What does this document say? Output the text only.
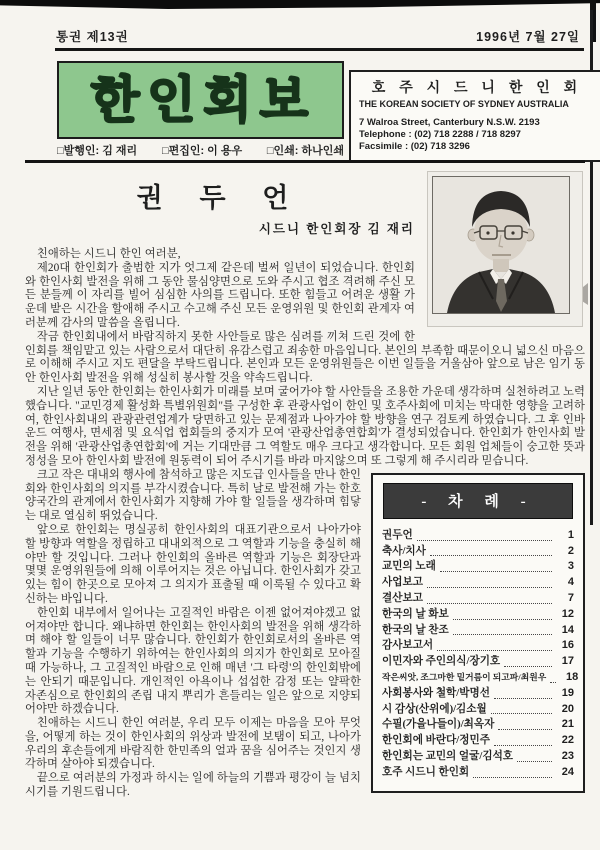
통권 제13권	1996년 7월 27일
한인회보
□발행인: 김 재리 □편집인: 이 용우 □인쇄: 하나인쇄
호 주 시 드 니 한 인 회
THE KOREAN SOCIETY OF SYDNEY AUSTRALIA
7 Walroa Street, Canterbury N.S.W. 2193
Telephone : (02) 718 2288 / 718 8297
Facsimile : (02) 718 3296
권 두 언
시드니 한인회장 김 재리

친애하는 시드니 한인 여러분,

제20대 한인회가 출범한 지가 엇그제 같은데 벌써 일년이 되었습니다. 한인회와 한인사회 발전을 위해 그 동안 물심양면으로 도와 주시고 협조 격려해 주신 모든 분들께 이 자리를 빌어 심심한 사의를 드립니다. 또한 힘들고 어려운 생활 가운데 밭은 시간을 할애해 주시고 수고해 주신 모든 운영위원 및 한인회 관계자 여러분께 감사의 말씀을 올립니다.

작금 한인회내에서 바람직하지 못한 사안들로 많은 심려를 끼쳐 드린 것에 한인회를 책임맡고 있는 사람으로서 대단히 유감스럽고 죄송한 마음입니다. 본인의 부족함 때문이오니 넓으신 마음으로 이해해 주시고 지도 편달을 부탁드립니다. 본인과 모든 운영위원들은 이번 일들을 거울삼아 앞으로 남은 임기 동안 한인사회 발전을 위해 성실히 봉사할 것을 약속드립니다.

지난 일년 동안 한인회는 한인사회가 미래를 보며 굴어가야 할 사안들을 조용한 가운데 생각하며 실천하려고 노력했습니다. "교민경제 활성화 특별위원회"를 구성한 후 관광사업이 한인 및 호주사회에 미치는 막대한 영향을 고려하여, 한인사회내의 관광관련업계가 당면하고 있는 문제점과 나아가야 할 방향을 연구 검토케 하였습니다. 그 후 인바운드 여행사, 면세점 및 요식업 협회들의 중지가 모여 '관광산업총연합회'가 결성되었습니다. 한인회가 한인사회 발전을 위해 '관광산업총연합회'에 거는 기대만큼 그 역할도 매우 크다고 생각합니다. 모든 회원 업체들이 숭고한 뜻과 정성을 모아 한인사회 발전에 원동력이 되어 주시기를 바라 마지않으며 또 그렇게 해 주시리라 믿습니다.

- 차 례 -
권두언	1
축사/치사	2
교민의 노래	3
사업보고	4
결산보고	7
한국의 날 화보	12
한국의 날 찬조	14
감사보고서	16
이민자와 주인의식/장기호	17
작은씨앗, 조그마한 밑거름이 되고파/최원우	18
사회봉사와 철학/박명선	19
시 감상(산위에)/김소월	20
수필(가을나들이)/최옥자	21
한인회에 바란다/정민주	22
한인회는 교민의 얼굴/김석호	23
호주 시드니 한인회	24

크고 작은 대내외 행사에 참석하고 많은 지도급 인사들을 만나 한인회와 한인사회의 의지를 부각시켰습니다. 특히 날로 발전해 가는 한호 양국간의 관계에서 한인사회가 지향해 가야 할 일들을 생각하며 힘닿는 대로 열심히 뛰었습니다.

앞으로 한인회는 명실공히 한인사회의 대표기관으로서 나아가야 할 방향과 역할을 정립하고 대내외적으로 그 역할과 기능을 충실히 해야만 할 것입니다. 그러나 한인회의 올바른 역할과 기능은 회장단과 몇몇 운영위원들에 의해 이루어지는 것은 아닙니다. 한인사회가 갖고 있는 힘이 한곳으로 모아져 그 의지가 표출될 때 이룩될 수 있다고 확신하는 바입니다.

한인회 내부에서 일어나는 고질적인 바람은 이젠 없어져야겠고 없어져야만 합니다. 왜냐하면 한인회는 한인사회의 발전을 위해 생각하며 해야 할 일들이 너무 많습니다. 한인회가 한인회로서의 올바른 역할과 기능을 수행하기 위하여는 한인사회의 의지가 한인회로 모아질 때 가능하나, 그 고질적인 바람으로 인해 매년 '그 타령'의 한인회밖에는 안되기 때문입니다. 개인적인 아욕이나 섭섭한 감정 또는 얄팍한 자존심으로 한인회의 존립 내지 뿌리가 흔들리는 일은 앞으로 지양되어야만 하겠습니다.

친애하는 시드니 한인 여러분, 우리 모두 이제는 마음을 모아 무엇을, 어떻게 하는 것이 한인사회의 위상과 발전에 보탬이 되고, 나아가 우리의 후손들에게 바람직한 한민족의 얼과 꿈을 심어주는 것인지 생각하며 살아야 되겠습니다.

끝으로 여러분의 가정과 하시는 일에 하늘의 기쁨과 평강이 늘 넘치시기를 기원드립니다.
